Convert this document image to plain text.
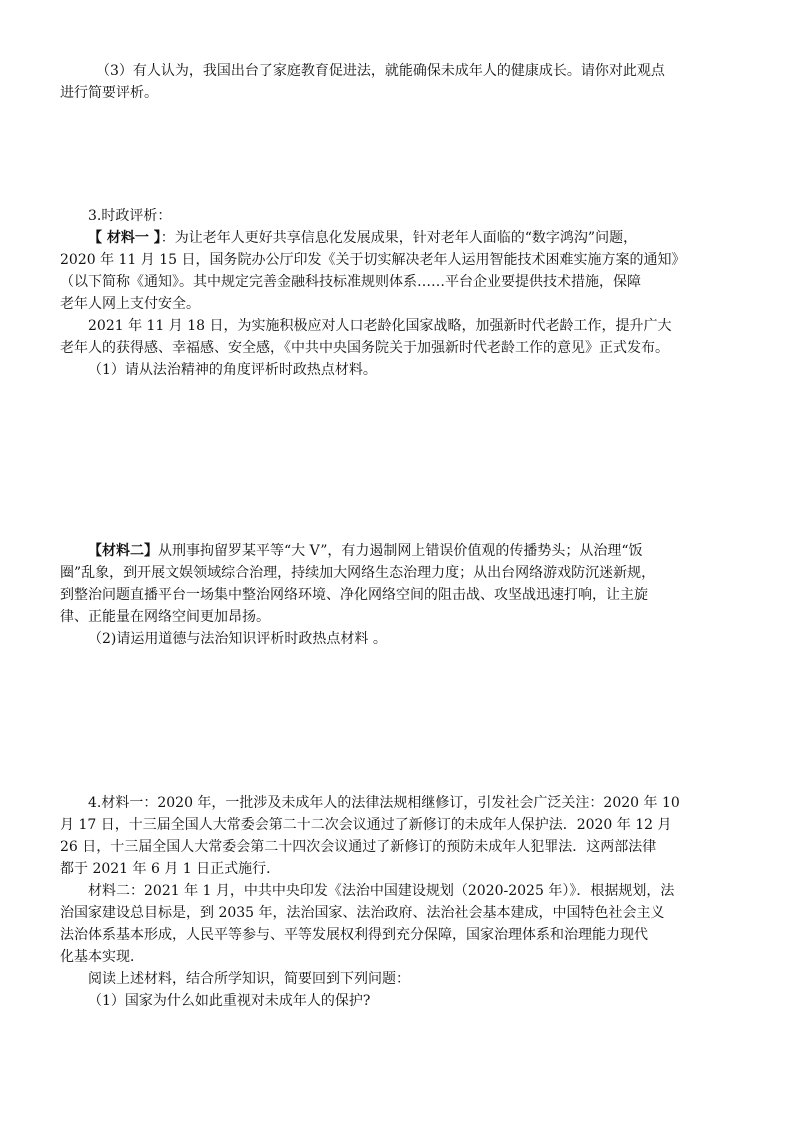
（3）有人认为，我国出台了家庭教育促进法，就能确保未成年人的健康成长。请你对此观点
进行简要评析。
3.时政评析：
【 材料一 】：为让老年人更好共享信息化发展成果，针对老年人面临的“数字鸿沟”问题，
2020 年 11 月 15 日，国务院办公厅印发《关于切实解决老年人运用智能技术困难实施方案的通知》
（以下简称《通知》。其中规定完善金融科技标准规则体系……平台企业要提供技术措施，保障
老年人网上支付安全。
2021 年 11 月 18 日，为实施积极应对人口老龄化国家战略，加强新时代老龄工作，提升广大
老年人的获得感、幸福感、安全感，《中共中央国务院关于加强新时代老龄工作的意见》正式发布。
（1）请从法治精神的角度评析时政热点材料。
【材料二】从刑事拘留罗某平等“大 V”，有力遏制网上错误价值观的传播势头；从治理“饭
圈”乱象，到开展文娱领域综合治理，持续加大网络生态治理力度；从出台网络游戏防沉迷新规，
到整治问题直播平台一场集中整治网络环境、净化网络空间的阻击战、攻坚战迅速打响，让主旋
律、正能量在网络空间更加昂扬。
（2)请运用道德与法治知识评析时政热点材料 。
4.材料一：2020 年，一批涉及未成年人的法律法规相继修订，引发社会广泛关注：2020 年 10
月 17 日，十三届全国人大常委会第二十二次会议通过了新修订的未成年人保护法．2020 年 12 月
26 日，十三届全国人大常委会第二十四次会议通过了新修订的预防未成年人犯罪法．这两部法律
都于 2021 年 6 月 1 日正式施行．
材料二：2021 年 1 月，中共中央印发《法治中国建设规划（2020-2025 年）》．根据规划，法
治国家建设总目标是，到 2035 年，法治国家、法治政府、法治社会基本建成，中国特色社会主义
法治体系基本形成，人民平等参与、平等发展权利得到充分保障，国家治理体系和治理能力现代
化基本实现．
阅读上述材料，结合所学知识，简要回到下列问题：
（1）国家为什么如此重视对未成年人的保护?
